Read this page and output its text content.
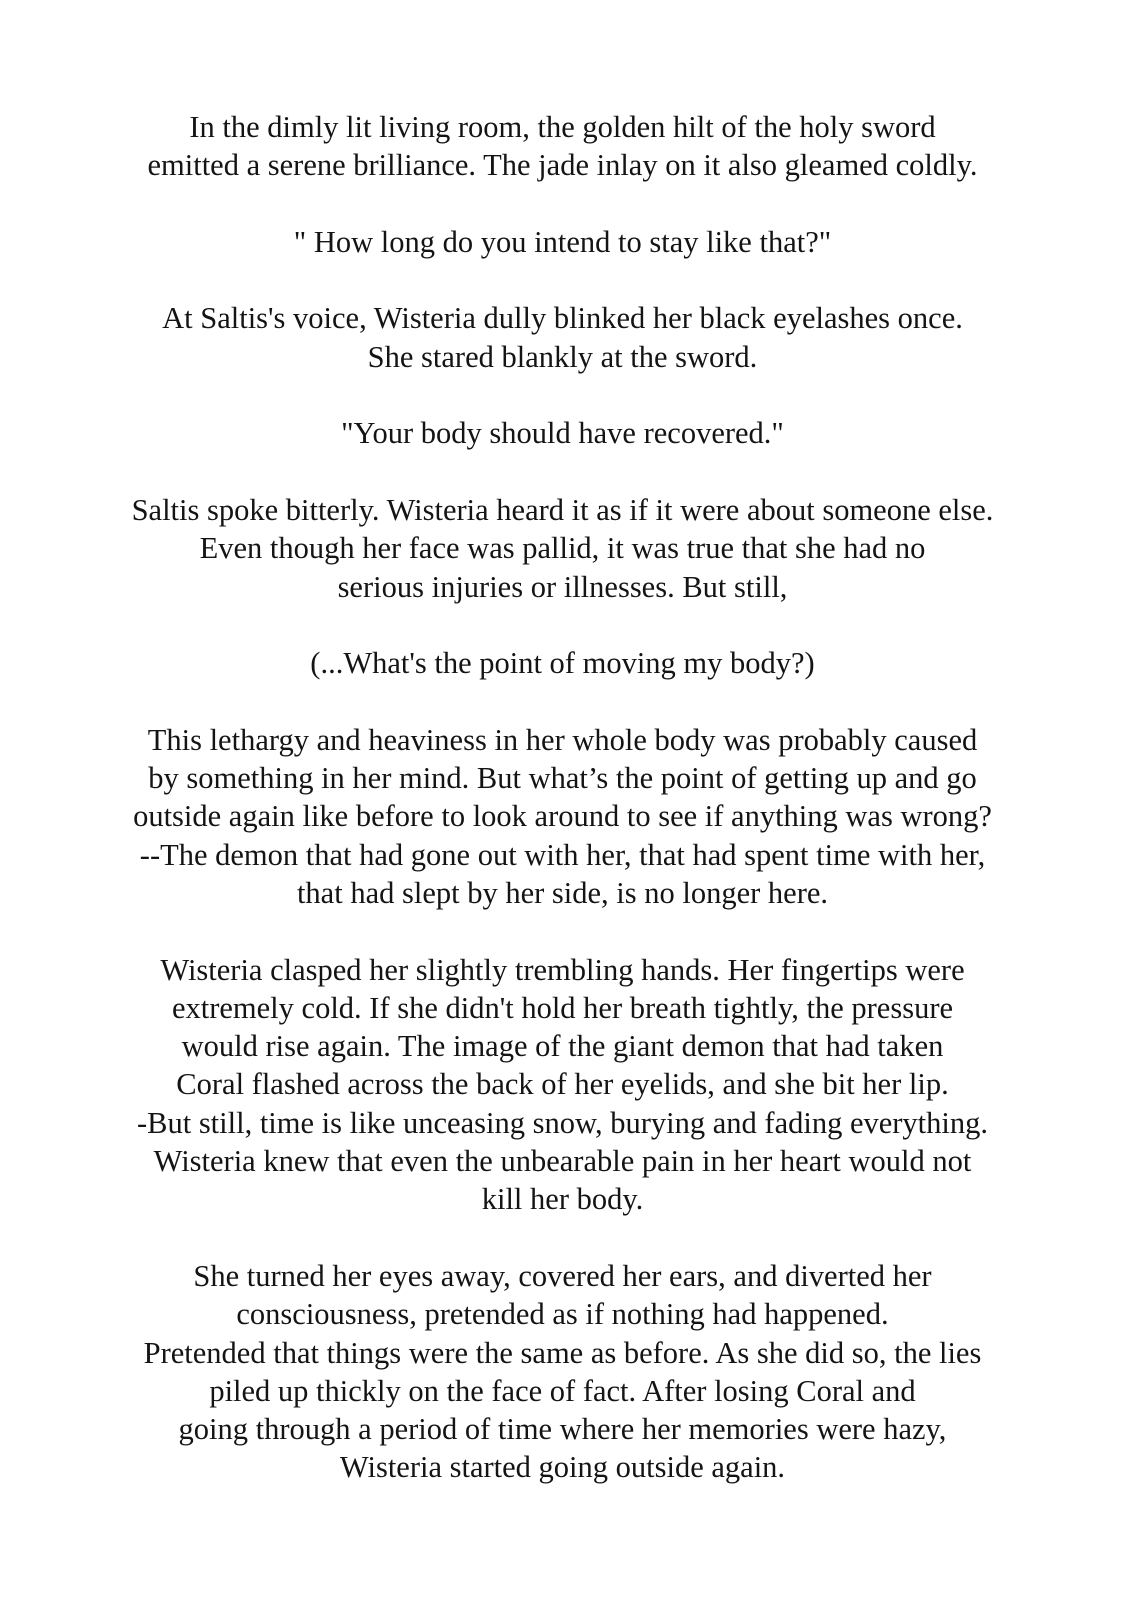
In the dimly lit living room, the golden hilt of the holy sword
emitted a serene brilliance. The jade inlay on it also gleamed coldly.

" How long do you intend to stay like that?"

At Saltis's voice, Wisteria dully blinked her black eyelashes once.
She stared blankly at the sword.

"Your body should have recovered."

Saltis spoke bitterly. Wisteria heard it as if it were about someone else.
Even though her face was pallid, it was true that she had no
serious injuries or illnesses. But still,

(...What's the point of moving my body?)

This lethargy and heaviness in her whole body was probably caused
by something in her mind. But what’s the point of getting up and go
outside again like before to look around to see if anything was wrong?
--The demon that had gone out with her, that had spent time with her,
that had slept by her side, is no longer here.

Wisteria clasped her slightly trembling hands. Her fingertips were
extremely cold. If she didn't hold her breath tightly, the pressure
would rise again. The image of the giant demon that had taken
Coral flashed across the back of her eyelids, and she bit her lip.
-But still, time is like unceasing snow, burying and fading everything.
Wisteria knew that even the unbearable pain in her heart would not
kill her body.

She turned her eyes away, covered her ears, and diverted her
consciousness, pretended as if nothing had happened.
Pretended that things were the same as before. As she did so, the lies
piled up thickly on the face of fact. After losing Coral and
going through a period of time where her memories were hazy,
Wisteria started going outside again.
